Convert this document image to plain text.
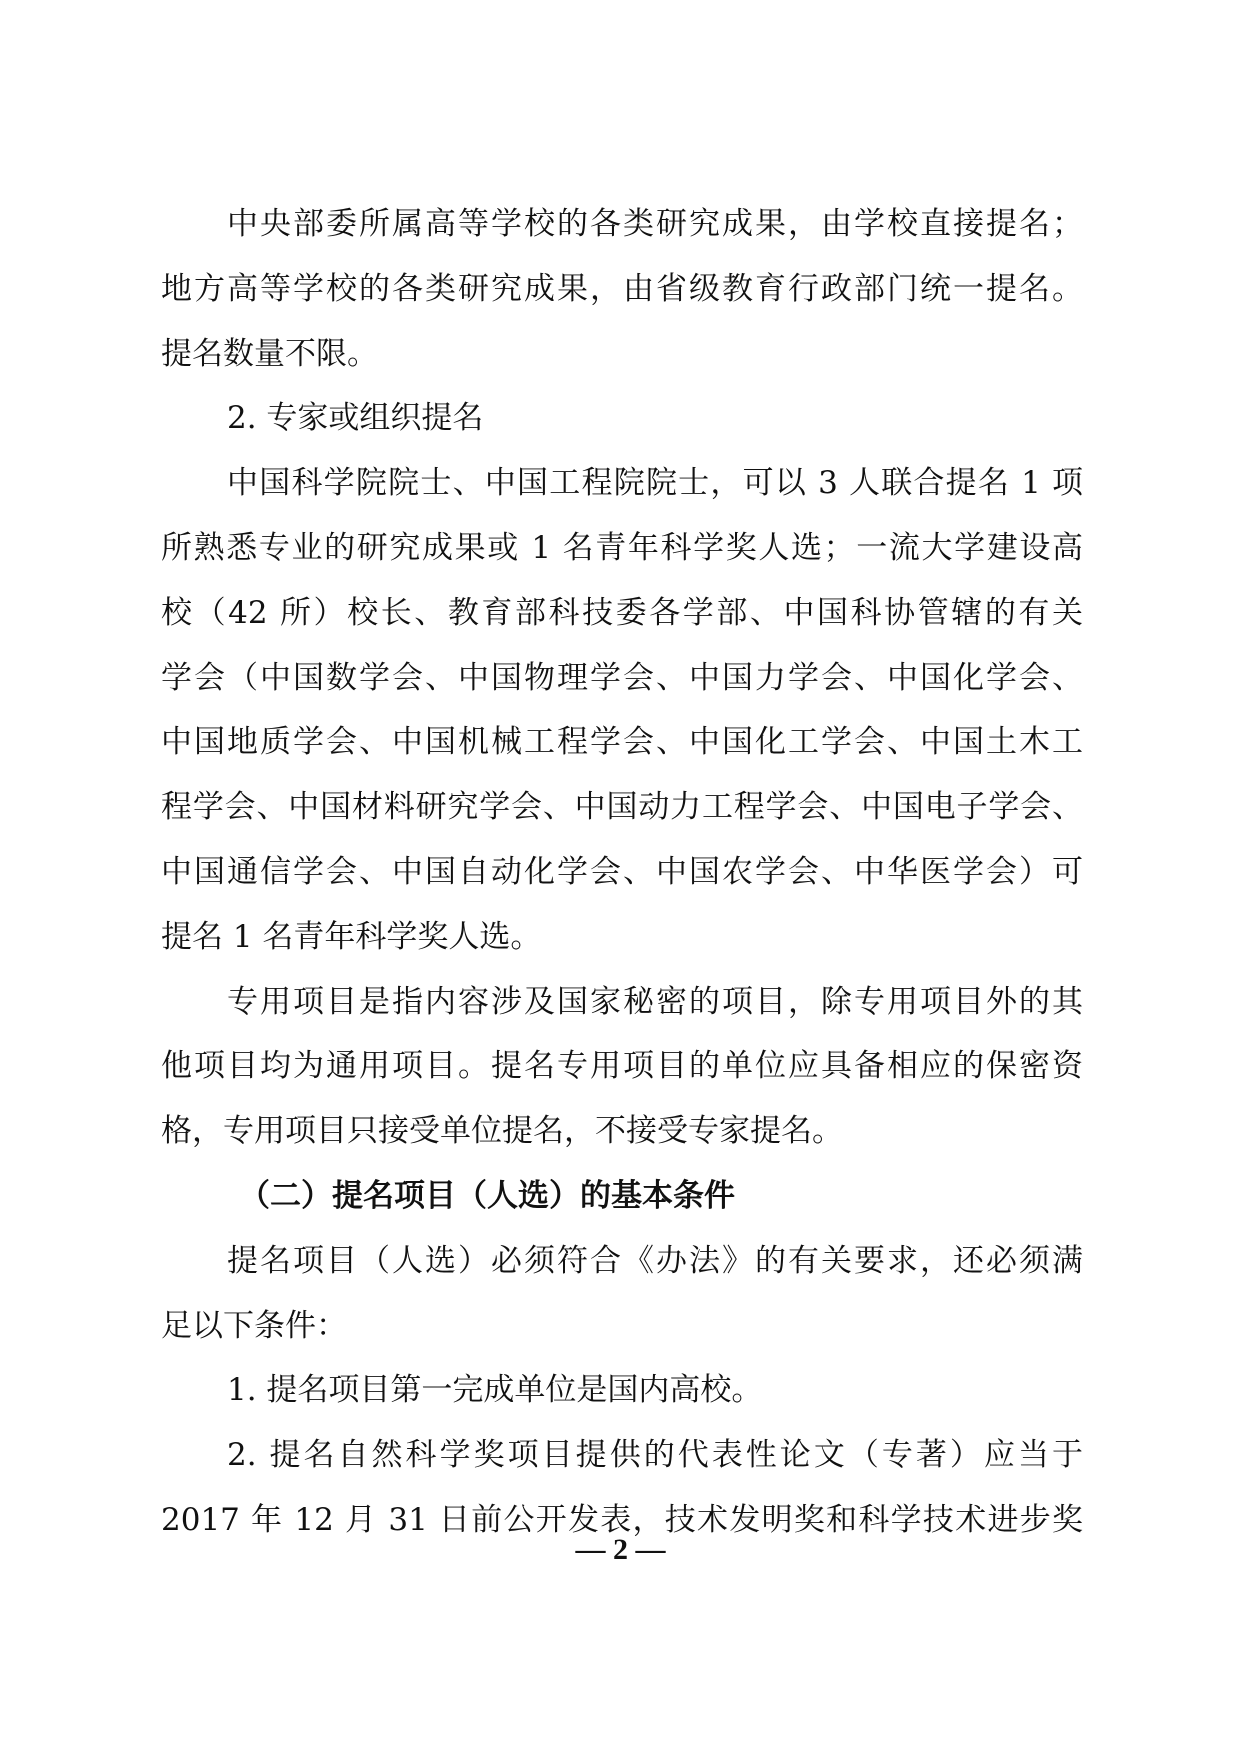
中央部委所属高等学校的各类研究成果，由学校直接提名；
地方高等学校的各类研究成果，由省级教育行政部门统一提名。
提名数量不限。
2. 专家或组织提名
中国科学院院士、中国工程院院士，可以 3 人联合提名 1 项
所熟悉专业的研究成果或 1 名青年科学奖人选；一流大学建设高
校（42 所）校长、教育部科技委各学部、中国科协管辖的有关
学会（中国数学会、中国物理学会、中国力学会、中国化学会、
中国地质学会、中国机械工程学会、中国化工学会、中国土木工
程学会、中国材料研究学会、中国动力工程学会、中国电子学会、
中国通信学会、中国自动化学会、中国农学会、中华医学会）可
提名 1 名青年科学奖人选。
专用项目是指内容涉及国家秘密的项目，除专用项目外的其
他项目均为通用项目。提名专用项目的单位应具备相应的保密资
格，专用项目只接受单位提名，不接受专家提名。
（二）提名项目（人选）的基本条件
提名项目（人选）必须符合《办法》的有关要求，还必须满
足以下条件：
1. 提名项目第一完成单位是国内高校。
2. 提名自然科学奖项目提供的代表性论文（专著）应当于
2017 年 12 月 31 日前公开发表，技术发明奖和科学技术进步奖
— 2 —
